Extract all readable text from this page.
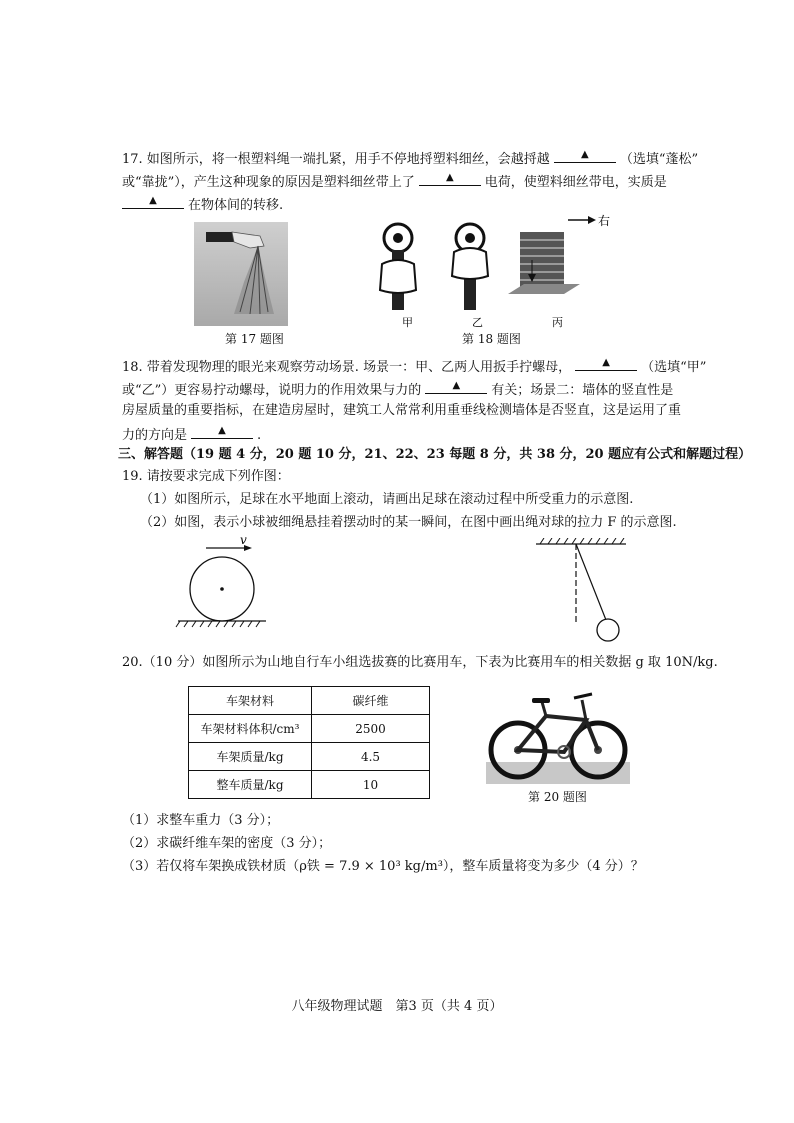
17. 如图所示，将一根塑料绳一端扎紧，用手不停地捋塑料细丝，会越捋越	▲ （选填“蓬松”
或“靠拢”），产生这种现象的原因是塑料细丝带上了	▲ 电荷，使塑料细丝带电，实质是
▲ 在物体间的转移.
第 17 题图
右
甲	乙	丙
第 18 题图
18. 带着发现物理的眼光来观察劳动场景. 场景一：甲、乙两人用扳手拧螺母，	▲ （选填“甲”
或“乙”）更容易拧动螺母，说明力的作用效果与力的	▲ 有关；场景二：墙体的竖直性是
房屋质量的重要指标，在建造房屋时，建筑工人常常利用重垂线检测墙体是否竖直，这是运用了重
力的方向是	▲ .
三、解答题（19 题 4 分，20 题 10 分，21、22、23 每题 8 分，共 38 分，20 题应有公式和解题过程）
19. 请按要求完成下列作图：
（1）如图所示，足球在水平地面上滚动，请画出足球在滚动过程中所受重力的示意图.
（2）如图，表示小球被细绳悬挂着摆动时的某一瞬间，在图中画出绳对球的拉力 F 的示意图.
v
20.（10 分）如图所示为山地自行车小组选拔赛的比赛用车，下表为比赛用车的相关数据 g 取 10N/kg.
车架材料	碳纤维
车架材料体积/cm³	2500
车架质量/kg	4.5
整车质量/kg	10
第 20 题图
（1）求整车重力（3 分）；
（2）求碳纤维车架的密度（3 分）；
（3）若仅将车架换成铁材质（ρ铁 = 7.9 × 10³ kg/m³），整车质量将变为多少（4 分）？
八年级物理试题　第3 页（共 4 页）
